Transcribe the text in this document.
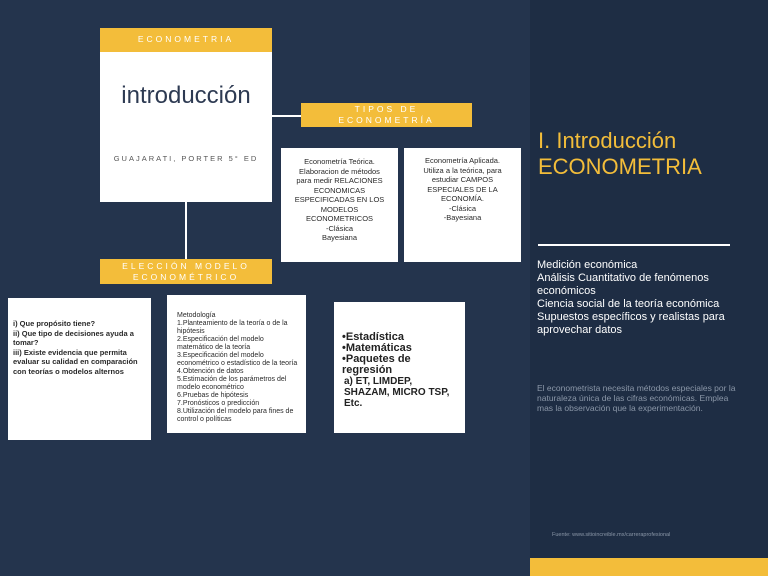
ECONOMETRIA
introducción
GUAJARATI, PORTER 5° ED
TIPOS DE
ECONOMETRÍA
Econometría Teórica.
Elaboracion de métodos
para medir RELACIONES
ECONOMICAS
ESPECIFICADAS EN LOS
MODELOS
ECONOMETRICOS
-Clásica
Bayesiana
Econometría Aplicada.
Utiliza a la teórica, para
estudiar CAMPOS
ESPECIALES DE LA
ECONOMÍA.
-Clásica
-Bayesiana
ELECCIÓN MODELO
ECONOMÉTRICO
i) Que propósito tiene?
ii) Que tipo de decisiones ayuda a tomar?
iii) Existe evidencia que permita evaluar su calidad en comparación con teorías o modelos alternos
Metodología
1.Planteamiento de la teoría o de la hipótesis
2.Especificación del modelo matemático de la teoría
3.Especificación del modelo econométrico o estadístico de la teoría
4.Obtención de datos
5.Estimación de los parámetros del modelo econométrico
6.Pruebas de hipótesis
7.Pronósticos o predicción
8.Utilización del modelo para fines de control o políticas
•Estadística
•Matemáticas
•Paquetes de regresión
a) ET, LIMDEP, SHAZAM, MICRO TSP, Etc.
I. Introducción
ECONOMETRIA
Medición económica
Análisis Cuantitativo de fenómenos económicos
Ciencia social de la teoría económica
Supuestos específicos y realistas para aprovechar datos
El econometrista necesita métodos especiales por la naturaleza única de las cifras económicas. Emplea mas la observación que la experimentación.
Fuente: www.sitioincreible.mx/carreraprofesional
